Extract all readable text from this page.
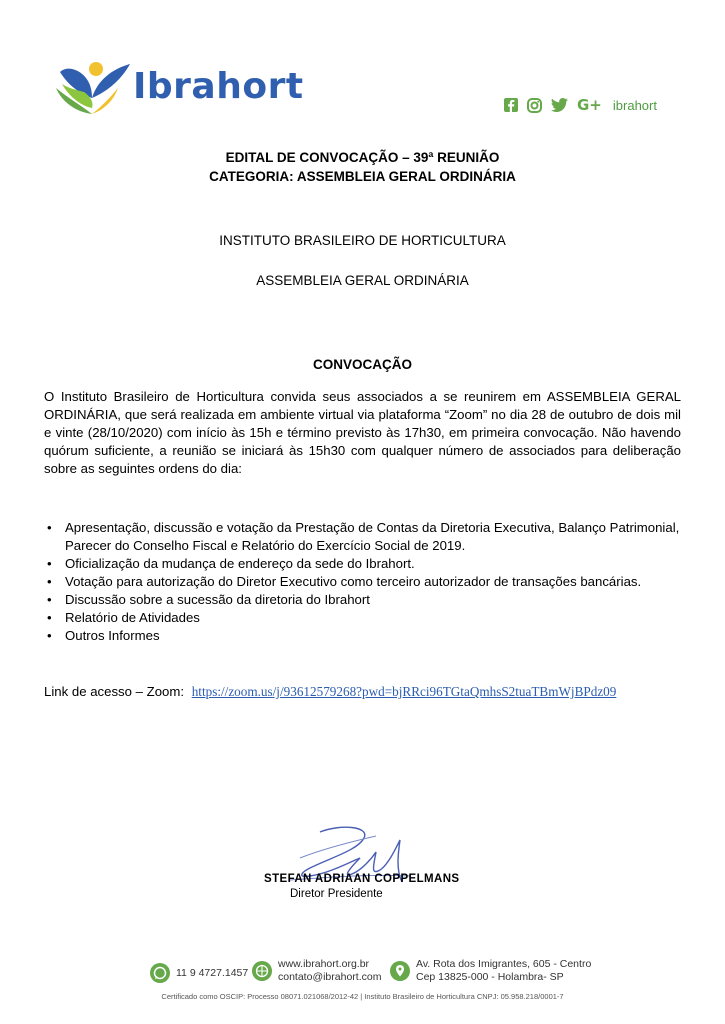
Ibrahort	G+ ibrahort
EDITAL DE CONVOCAÇÃO – 39ª REUNIÃO
CATEGORIA: ASSEMBLEIA GERAL ORDINÁRIA
INSTITUTO BRASILEIRO DE HORTICULTURA
ASSEMBLEIA GERAL ORDINÁRIA
CONVOCAÇÃO
O Instituto Brasileiro de Horticultura convida seus associados a se reunirem em ASSEMBLEIA GERAL ORDINÁRIA, que será realizada em ambiente virtual via plataforma “Zoom” no dia 28 de outubro de dois mil e vinte (28/10/2020) com início às 15h e término previsto às 17h30, em primeira convocação. Não havendo quórum suficiente, a reunião se iniciará às 15h30 com qualquer número de associados para deliberação sobre as seguintes ordens do dia:
• Apresentação, discussão e votação da Prestação de Contas da Diretoria Executiva, Balanço Patrimonial, Parecer do Conselho Fiscal e Relatório do Exercício Social de 2019.
• Oficialização da mudança de endereço da sede do Ibrahort.
• Votação para autorização do Diretor Executivo como terceiro autorizador de transações bancárias.
• Discussão sobre a sucessão da diretoria do Ibrahort
• Relatório de Atividades
• Outros Informes
Link de acesso – Zoom: https://zoom.us/j/93612579268?pwd=bjRRci96TGtaQmhsS2tuaTBmWjBPdz09
STEFAN ADRIAAN COPPELMANS
Diretor Presidente
11 9 4727.1457
www.ibrahort.org.br
contato@ibrahort.com
Av. Rota dos Imigrantes, 605 - Centro
Cep 13825-000 - Holambra- SP
Certificado como OSCIP: Processo 08071.021068/2012-42 | Instituto Brasileiro de Horticultura CNPJ: 05.958.218/0001-7
